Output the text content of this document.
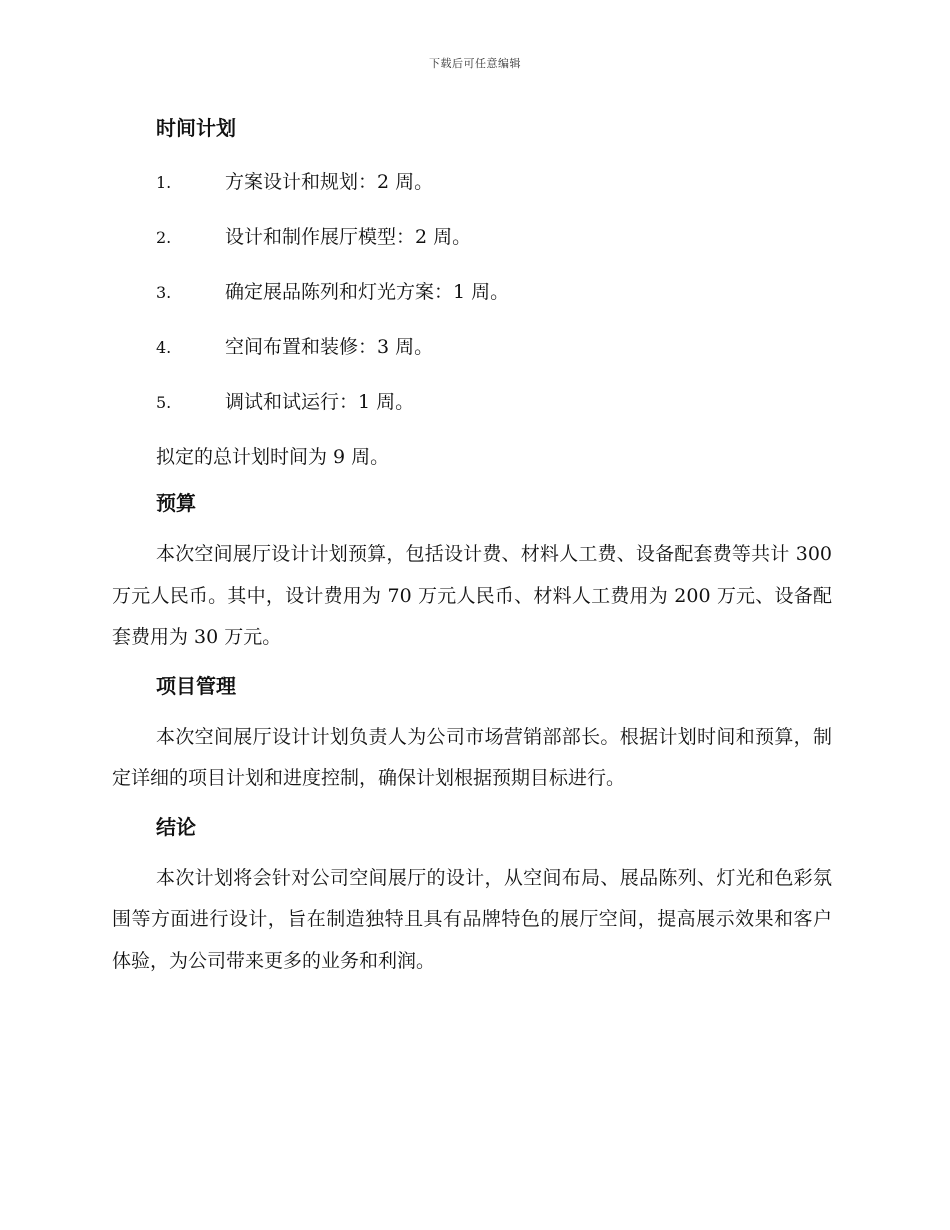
下载后可任意编辑
时间计划
1.	方案设计和规划：2 周。
2.	设计和制作展厅模型：2 周。
3.	确定展品陈列和灯光方案：1 周。
4.	空间布置和装修：3 周。
5.	调试和试运行：1 周。

拟定的总计划时间为 9 周。

预算

本次空间展厅设计计划预算，包括设计费、材料人工费、设备配套费等共计 300 万元人民币。其中，设计费用为 70 万元人民币、材料人工费用为 200 万元、设备配套费用为 30 万元。

项目管理

本次空间展厅设计计划负责人为公司市场营销部部长。根据计划时间和预算，制定详细的项目计划和进度控制，确保计划根据预期目标进行。

结论

本次计划将会针对公司空间展厅的设计，从空间布局、展品陈列、灯光和色彩氛围等方面进行设计，旨在制造独特且具有品牌特色的展厅空间，提高展示效果和客户体验，为公司带来更多的业务和利润。
